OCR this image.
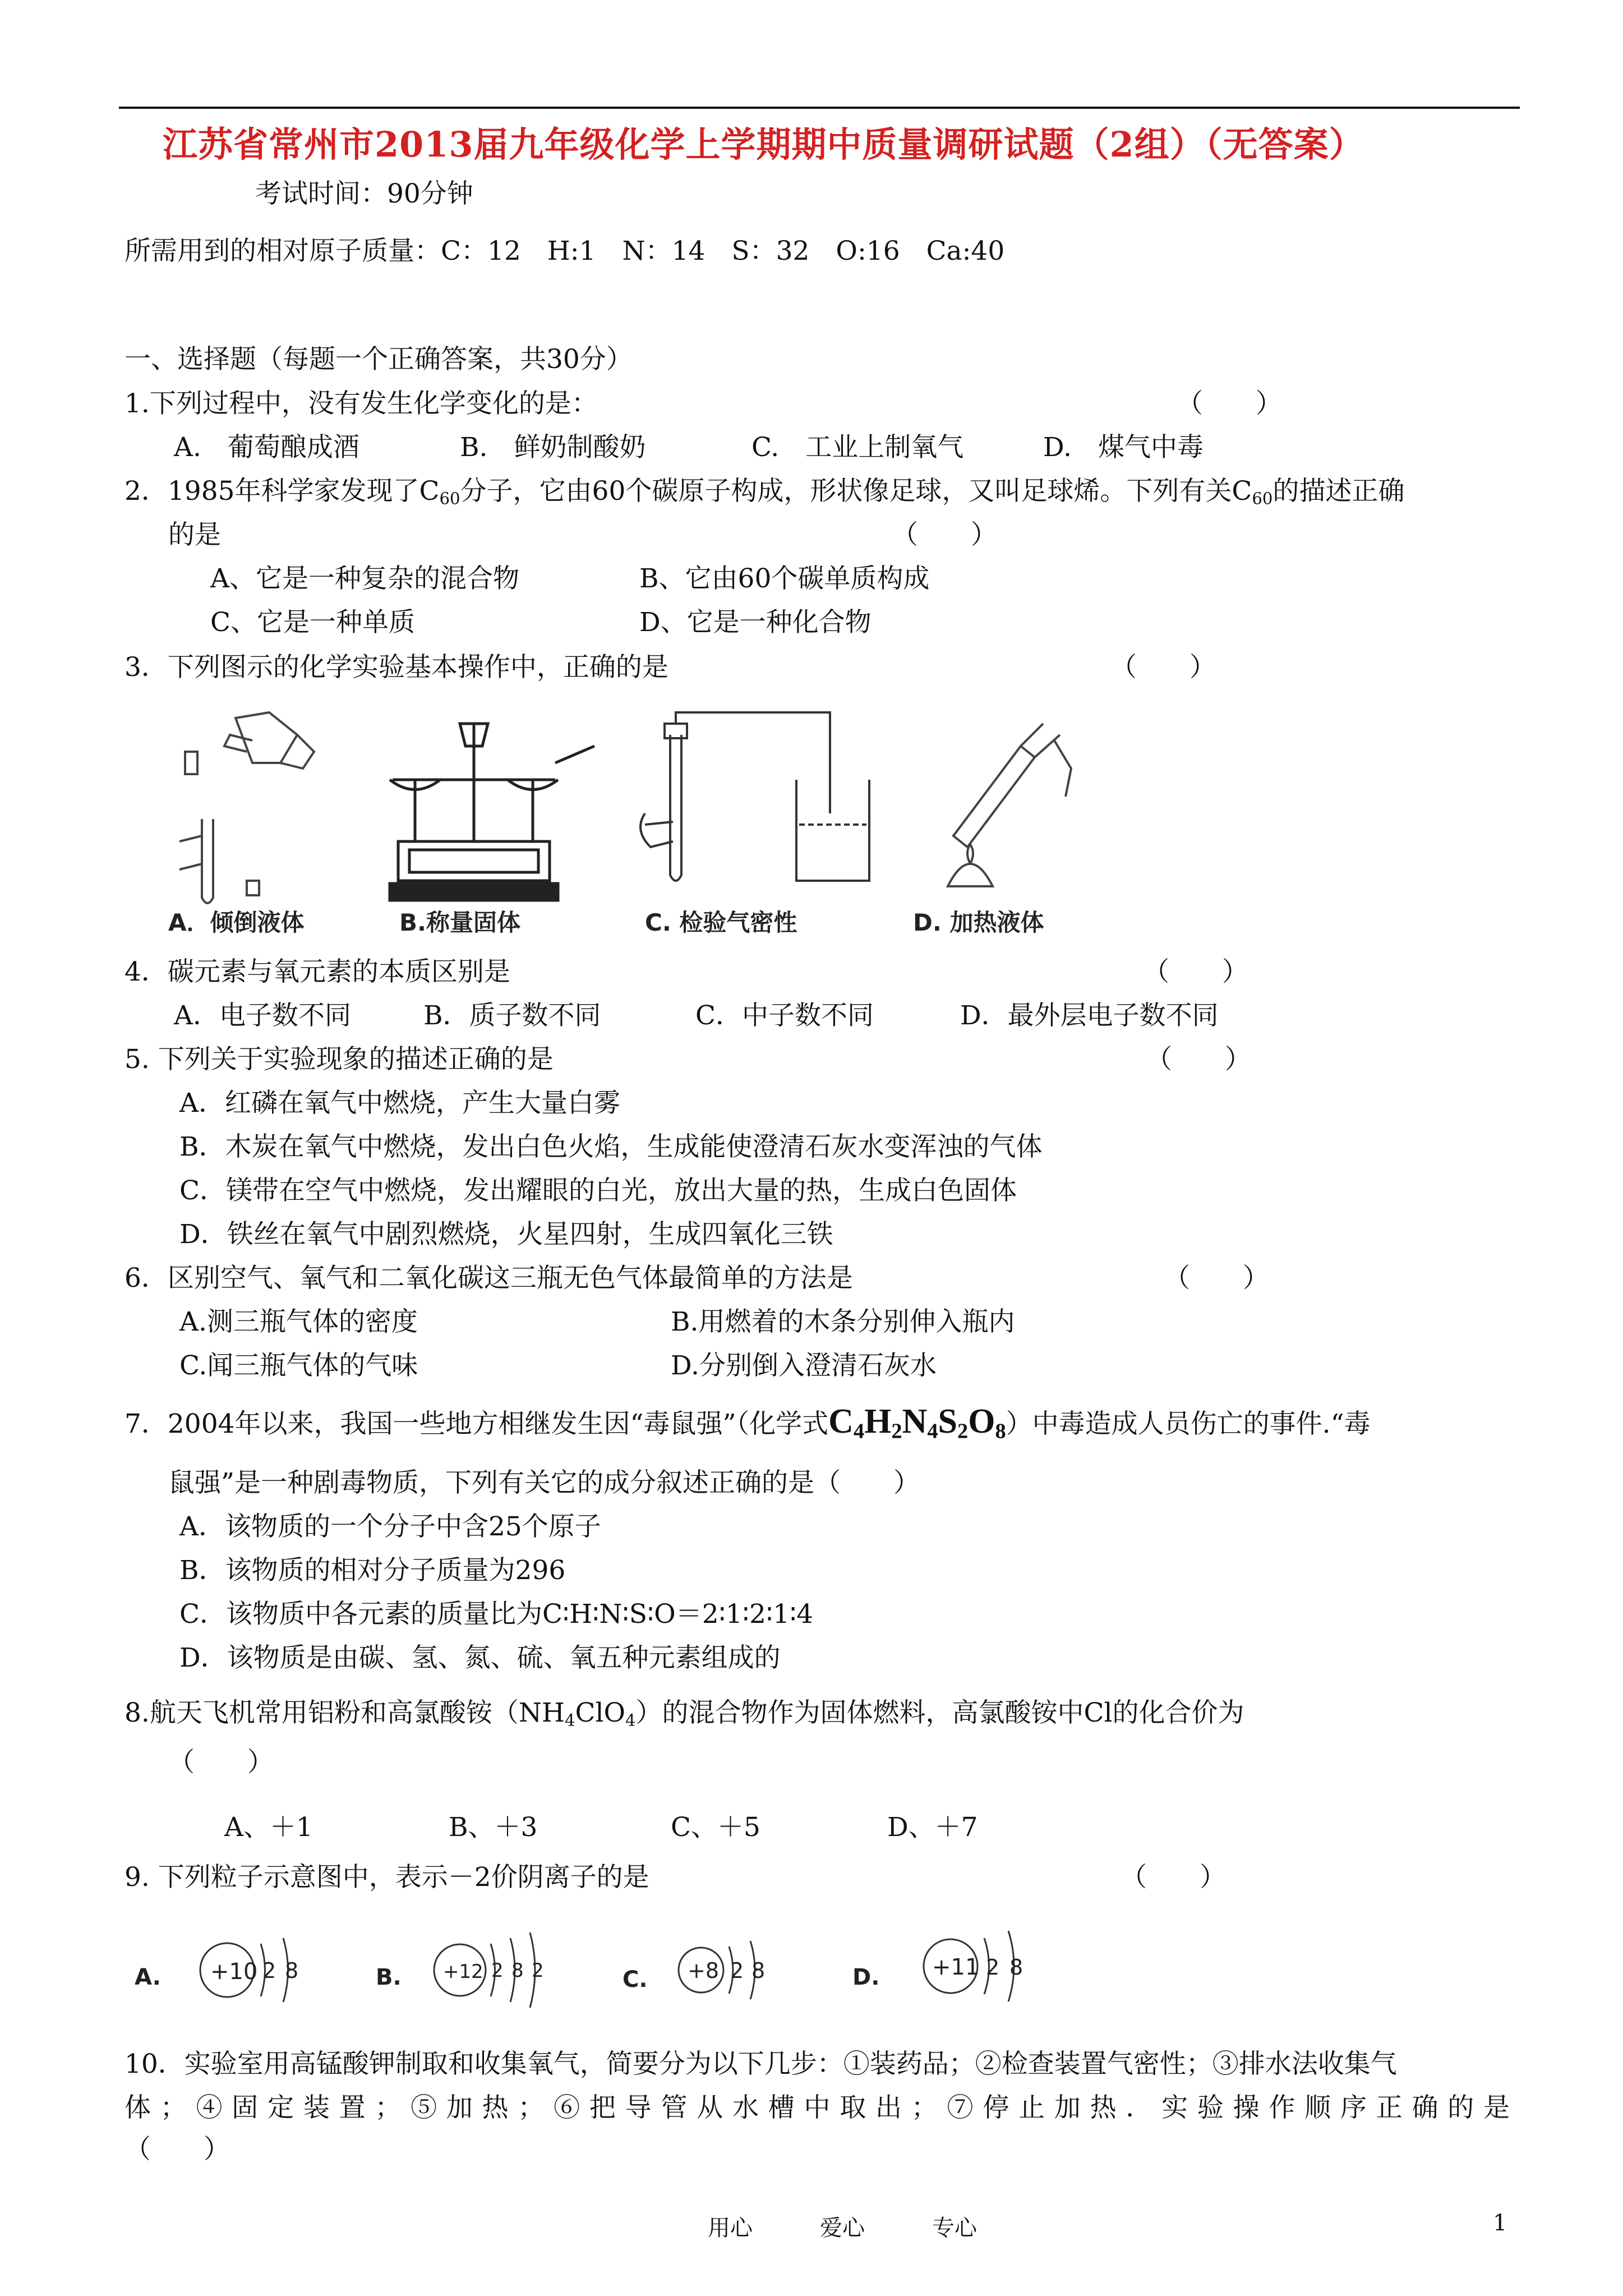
江苏省常州市2013届九年级化学上学期期中质量调研试题（2组）（无答案）
考试时间：90分钟
所需用到的相对原子质量：C：12　H:1　N：14　S：32　O:16　Ca:40
一、选择题（每题一个正确答案，共30分）
1.下列过程中，没有发生化学变化的是：	（　　）
A.　葡萄酿成酒	B.　鲜奶制酸奶	C.　工业上制氧气	D.　煤气中毒
2．1985年科学家发现了$C_{60}$分子，它由60个碳原子构成，形状像足球，又叫足球烯。下列有关$C_{60}$的描述正确
的是	（　　）
A、它是一种复杂的混合物	B、它由60个碳单质构成
C、它是一种单质	D、它是一种化合物
3．下列图示的化学实验基本操作中，正确的是	（　　）
A．倾倒液体	B.称量固体	C. 检验气密性	D. 加热液体
4．碳元素与氧元素的本质区别是	（　　）
A．电子数不同	B．质子数不同	C．中子数不同	D．最外层电子数不同
5. 下列关于实验现象的描述正确的是	（　　）
A．红磷在氧气中燃烧，产生大量白雾
B．木炭在氧气中燃烧，发出白色火焰，生成能使澄清石灰水变浑浊的气体
C．镁带在空气中燃烧，发出耀眼的白光，放出大量的热，生成白色固体
D．铁丝在氧气中剧烈燃烧，火星四射，生成四氧化三铁
6．区别空气、氧气和二氧化碳这三瓶无色气体最简单的方法是	（　　）
A.测三瓶气体的密度	B.用燃着的木条分别伸入瓶内
C.闻三瓶气体的气味	D.分别倒入澄清石灰水
7．2004年以来，我国一些地方相继发生因“毒鼠强”（化学式$C_4H_2N_4S_2O_8$）中毒造成人员伤亡的事件.“毒
鼠强”是一种剧毒物质，下列有关它的成分叙述正确的是（　　）
A．该物质的一个分子中含25个原子
B．该物质的相对分子质量为296
C．该物质中各元素的质量比为C∶H∶N∶S∶O＝2∶1∶2∶1∶4
D．该物质是由碳、氢、氮、硫、氧五种元素组成的
8.航天飞机常用铝粉和高氯酸铵$(NH_4ClO_4)$的混合物作为固体燃料，高氯酸铵中Cl的化合价为
（　　）
A、＋1	B、＋3	C、＋5	D、＋7
9. 下列粒子示意图中，表示－2价阴离子的是	（　　）
A. +10 2 8	B. +12 2 8 2	C. +8 2 8	D. +11 2 8
10．实验室用高锰酸钾制取和收集氧气，简要分为以下几步：①装药品；②检查装置气密性；③排水法收集气
体；④固定装置；⑤加热；⑥把导管从水槽中取出；⑦停止加热．实验操作顺序正确的是
（　　）
用心　　　爱心　　　专心	1
